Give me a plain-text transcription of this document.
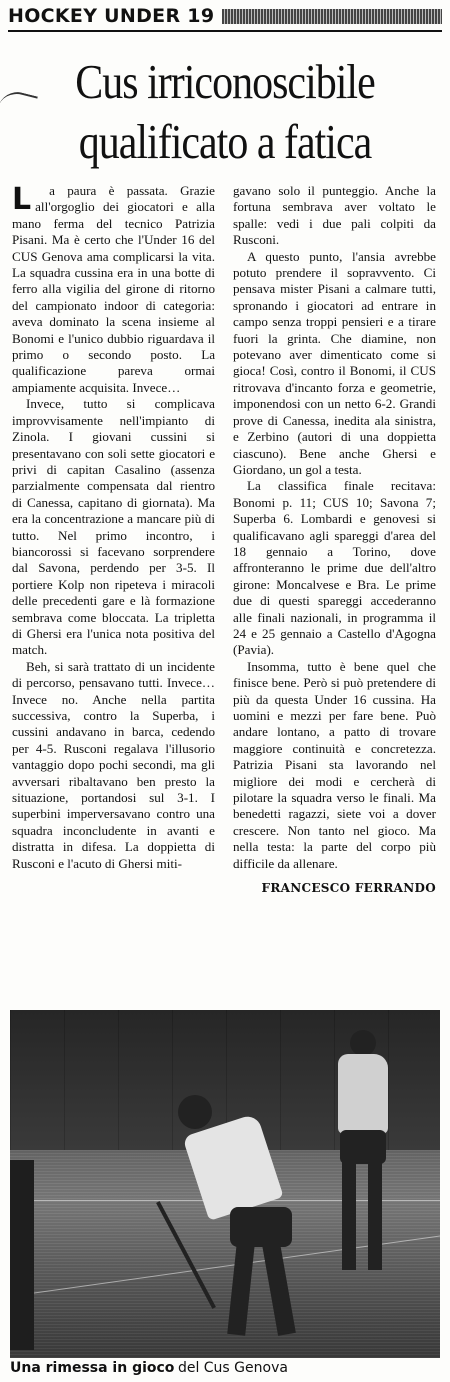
HOCKEY UNDER 19
Cus irriconoscibile
qualificato a fatica

L a paura è passata. Grazie all'orgoglio dei giocatori e alla mano ferma del tecnico Patrizia Pisani. Ma è certo che l'Under 16 del CUS Genova ama complicarsi la vita. La squadra cussina era in una botte di ferro alla vigilia del girone di ritorno del campionato indoor di categoria: aveva dominato la scena insieme al Bonomi e l'unico dubbio riguardava il primo o secondo posto. La qualificazione pareva ormai ampiamente acquisita. Invece…

Invece, tutto si complicava improvvisamente nell'impianto di Zinola. I giovani cussini si presentavano con soli sette giocatori e privi di capitan Casalino (assenza parzialmente compensata dal rientro di Canessa, capitano di giornata). Ma era la concentrazione a mancare più di tutto. Nel primo incontro, i biancorossi si facevano sorprendere dal Savona, perdendo per 3-5. Il portiere Kolp non ripeteva i miracoli delle precedenti gare e là formazione sembrava come bloccata. La tripletta di Ghersi era l'unica nota positiva del match.

Beh, si sarà trattato di un incidente di percorso, pensavano tutti. Invece… Invece no. Anche nella partita successiva, contro la Superba, i cussini andavano in barca, cedendo per 4-5. Rusconi regalava l'illusorio vantaggio dopo pochi secondi, ma gli avversari ribaltavano ben presto la situazione, portandosi sul 3-1. I superbini imperversavano contro una squadra inconcludente in avanti e distratta in difesa. La doppietta di Rusconi e l'acuto di Ghersi miti-

gavano solo il punteggio. Anche la fortuna sembrava aver voltato le spalle: vedi i due pali colpiti da Rusconi.

A questo punto, l'ansia avrebbe potuto prendere il sopravvento. Ci pensava mister Pisani a calmare tutti, spronando i giocatori ad entrare in campo senza troppi pensieri e a tirare fuori la grinta. Che diamine, non potevano aver dimenticato come si gioca! Così, contro il Bonomi, il CUS ritrovava d'incanto forza e geometrie, imponendosi con un netto 6-2. Grandi prove di Canessa, inedita ala sinistra, e Zerbino (autori di una doppietta ciascuno). Bene anche Ghersi e Giordano, un gol a testa.

La classifica finale recitava: Bonomi p. 11; CUS 10; Savona 7; Superba 6. Lombardi e genovesi si qualificavano agli spareggi d'area del 18 gennaio a Torino, dove affronteranno le prime due dell'altro girone: Moncalvese e Bra. Le prime due di questi spareggi accederanno alle finali nazionali, in programma il 24 e 25 gennaio a Castello d'Agogna (Pavia).

Insomma, tutto è bene quel che finisce bene. Però si può pretendere di più da questa Under 16 cussina. Ha uomini e mezzi per fare bene. Può andare lontano, a patto di trovare maggiore continuità e concretezza. Patrizia Pisani sta lavorando nel migliore dei modi e cercherà di pilotare la squadra verso le finali. Ma benedetti ragazzi, siete voi a dover crescere. Non tanto nel gioco. Ma nella testa: la parte del corpo più difficile da allenare.

FRANCESCO FERRANDO
Una rimessa in gioco del Cus Genova
